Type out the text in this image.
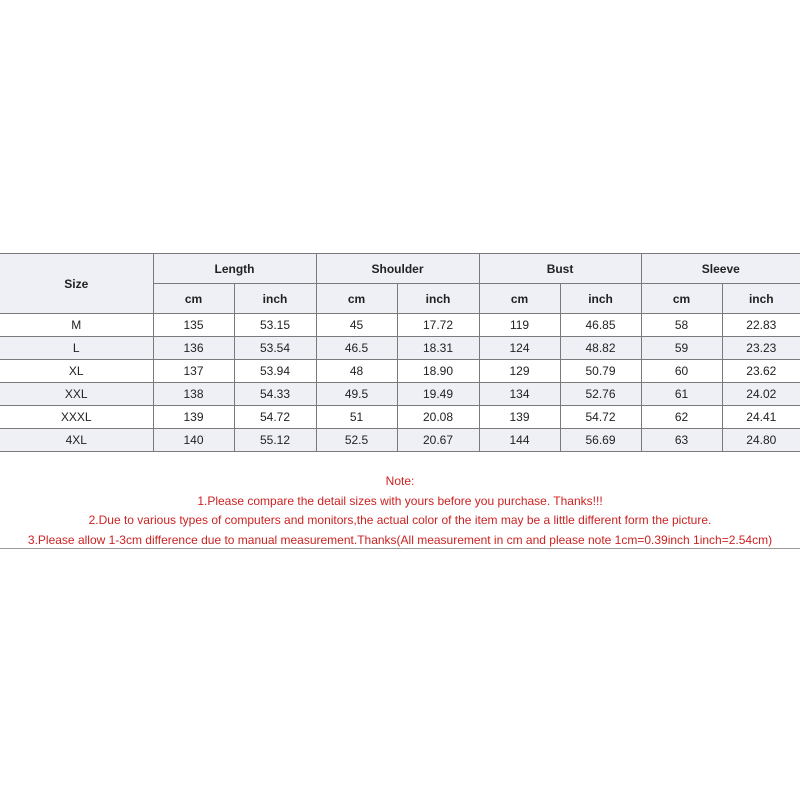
Size	Length		Shoulder		Bust		Sleeve	
	cm	inch	cm	inch	cm	inch	cm	inch
M	135	53.15	45	17.72	119	46.85	58	22.83
L	136	53.54	46.5	18.31	124	48.82	59	23.23
XL	137	53.94	48	18.90	129	50.79	60	23.62
XXL	138	54.33	49.5	19.49	134	52.76	61	24.02
XXXL	139	54.72	51	20.08	139	54.72	62	24.41
4XL	140	55.12	52.5	20.67	144	56.69	63	24.80
Note:
1.Please compare the detail sizes with yours before you purchase. Thanks!!!
2.Due to various types of computers and monitors,the actual color of the item may be a little different form the picture.
3.Please allow 1-3cm difference due to manual measurement.Thanks(All measurement in cm and please note 1cm=0.39inch 1inch=2.54cm)
